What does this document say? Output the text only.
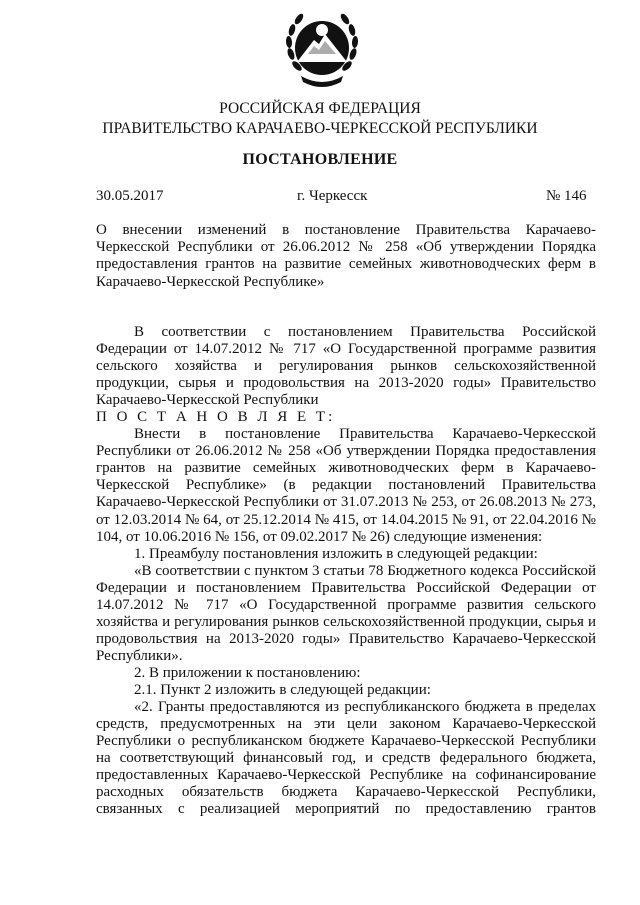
РОССИЙСКАЯ ФЕДЕРАЦИЯ
ПРАВИТЕЛЬСТВО КАРАЧАЕВО-ЧЕРКЕССКОЙ РЕСПУБЛИКИ
ПОСТАНОВЛЕНИЕ
30.05.2017	г. Черкесск	№ 146
О внесении изменений в постановление Правительства Карачаево-Черкесской Республики от 26.06.2012 № 258 «Об утверждении Порядка предоставления грантов на развитие семейных животноводческих ферм в Карачаево-Черкесской Республике»

В соответствии с постановлением Правительства Российской Федерации от 14.07.2012 № 717 «О Государственной программе развития сельского хозяйства и регулирования рынков сельскохозяйственной продукции, сырья и продовольствия на 2013-2020 годы» Правительство Карачаево-Черкесской Республики

П О С Т А Н О В Л Я Е Т:

Внести в постановление Правительства Карачаево-Черкесской Республики от 26.06.2012 № 258 «Об утверждении Порядка предоставления грантов на развитие семейных животноводческих ферм в Карачаево-Черкесской Республике» (в редакции постановлений Правительства Карачаево-Черкесской Республики от 31.07.2013 № 253, от 26.08.2013 № 273, от 12.03.2014 № 64, от 25.12.2014 № 415, от 14.04.2015 № 91, от 22.04.2016 № 104, от 10.06.2016 № 156, от 09.02.2017 № 26) следующие изменения:

1. Преамбулу постановления изложить в следующей редакции:

«В соответствии с пунктом 3 статьи 78 Бюджетного кодекса Российской Федерации и постановлением Правительства Российской Федерации от 14.07.2012 № 717 «О Государственной программе развития сельского хозяйства и регулирования рынков сельскохозяйственной продукции, сырья и продовольствия на 2013-2020 годы» Правительство Карачаево-Черкесской Республики».

2. В приложении к постановлению:

2.1. Пункт 2 изложить в следующей редакции:

«2. Гранты предоставляются из республиканского бюджета в пределах средств, предусмотренных на эти цели законом Карачаево-Черкесской Республики о республиканском бюджете Карачаево-Черкесской Республики на соответствующий финансовый год, и средств федерального бюджета, предоставленных Карачаево-Черкесской Республике на софинансирование расходных обязательств бюджета Карачаево-Черкесской Республики, связанных с реализацией мероприятий по предоставлению грантов
